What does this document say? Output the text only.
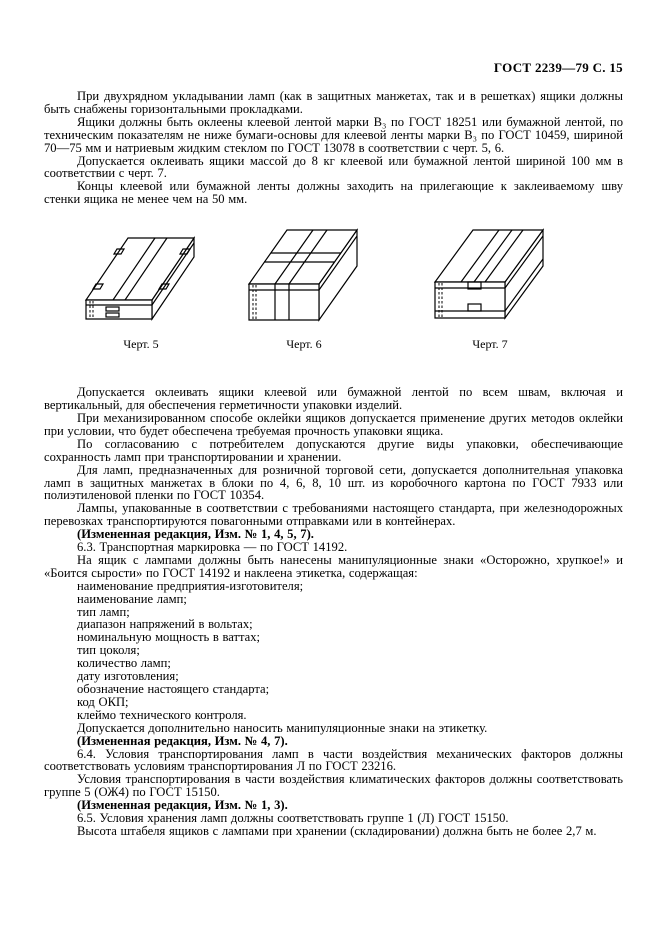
ГОСТ 2239—79 С. 15

При двухрядном укладывании ламп (как в защитных манжетах, так и в решетках) ящики должны быть снабжены горизонтальными прокладками.

Ящики должны быть оклеены клеевой лентой марки В₃ по ГОСТ 18251 или бумажной лентой, по техническим показателям не ниже бумаги-основы для клеевой ленты марки В₃ по ГОСТ 10459, шириной 70—75 мм и натриевым жидким стеклом по ГОСТ 13078 в соответствии с черт. 5, 6.

Допускается оклеивать ящики массой до 8 кг клеевой или бумажной лентой шириной 100 мм в соответствии с черт. 7.

Концы клеевой или бумажной ленты должны заходить на прилегающие к заклеиваемому шву стенки ящика не менее чем на 50 мм.

Черт. 5	Черт. 6	Черт. 7

Допускается оклеивать ящики клеевой или бумажной лентой по всем швам, включая и вертикальный, для обеспечения герметичности упаковки изделий.

При механизированном способе оклейки ящиков допускается применение других методов оклейки при условии, что будет обеспечена требуемая прочность упаковки ящика.

По согласованию с потребителем допускаются другие виды упаковки, обеспечивающие сохранность ламп при транспортировании и хранении.

Для ламп, предназначенных для розничной торговой сети, допускается дополнительная упаковка ламп в защитных манжетах в блоки по 4, 6, 8, 10 шт. из коробочного картона по ГОСТ 7933 или полиэтиленовой пленки по ГОСТ 10354.

Лампы, упакованные в соответствии с требованиями настоящего стандарта, при железнодорожных перевозках транспортируются повагонными отправками или в контейнерах.

(Измененная редакция, Изм. № 1, 4, 5, 7).

6.3. Транспортная маркировка — по ГОСТ 14192.

На ящик с лампами должны быть нанесены манипуляционные знаки «Осторожно, хрупкое!» и «Боится сырости» по ГОСТ 14192 и наклеена этикетка, содержащая:

наименование предприятия-изготовителя;

наименование ламп;

тип ламп;

диапазон напряжений в вольтах;

номинальную мощность в ваттах;

тип цоколя;

количество ламп;

дату изготовления;

обозначение настоящего стандарта;

код ОКП;

клеймо технического контроля.

Допускается дополнительно наносить манипуляционные знаки на этикетку.

(Измененная редакция, Изм. № 4, 7).

6.4. Условия транспортирования ламп в части воздействия механических факторов должны соответствовать условиям транспортирования Л по ГОСТ 23216.

Условия транспортирования в части воздействия климатических факторов должны соответствовать группе 5 (ОЖ4) по ГОСТ 15150.

(Измененная редакция, Изм. № 1, 3).

6.5. Условия хранения ламп должны соответствовать группе 1 (Л) ГОСТ 15150.

Высота штабеля ящиков с лампами при хранении (складировании) должна быть не более 2,7 м.
